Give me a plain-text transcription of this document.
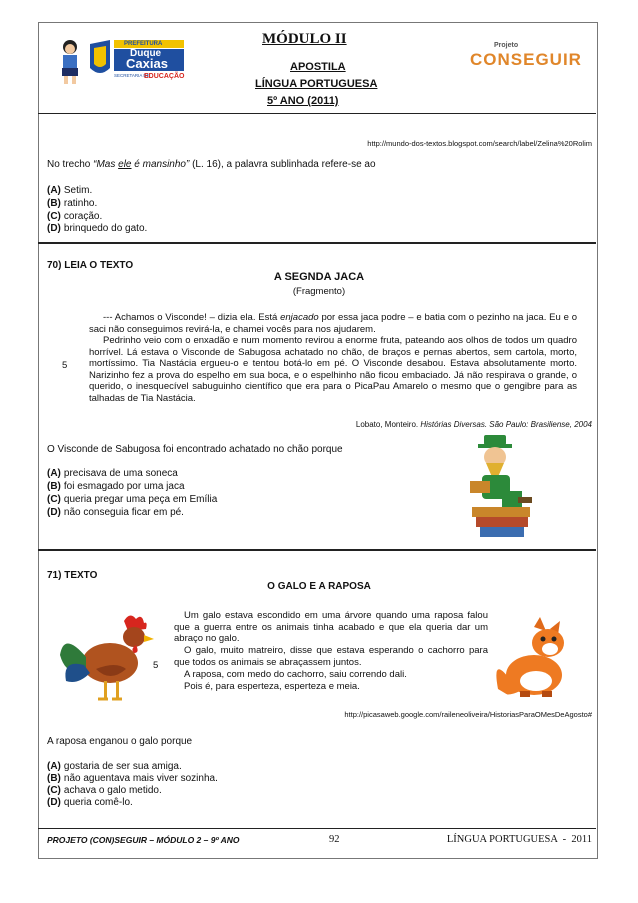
PREFEITURA
Duque
Caxias
SECRETARIA DE
EDUCAÇÃO
MÓDULO II
APOSTILA
LÍNGUA PORTUGUESA
5º ANO (2011)
Projeto
CONSEGUIR
http://mundo-dos-textos.blogspot.com/search/label/Zelina%20Rolim
No trecho “Mas ele é mansinho” (L. 16), a palavra sublinhada refere-se ao
(A) Setim.
(B) ratinho.
(C) coração.
(D) brinquedo do gato.
70) LEIA O TEXTO
A SEGNDA JACA
(Fragmento)
--- Achamos o Visconde! – dizia ela. Está enjacado por essa jaca podre – e batia com o pezinho na jaca. Eu e o saci não conseguimos revirá-la, e chamei vocês para nos ajudarem.
Pedrinho veio com o enxadão e num momento revirou a enorme fruta, pateando aos olhos de todos um quadro horrível. Lá estava o Visconde de Sabugosa achatado no chão, de braços e pernas abertos, sem cartola, morto, mortíssimo. Tia Nastácia ergueu-o e tentou botá-lo em pé. O Visconde desabou. Estava absolutamente morto. Narizinho fez a prova do espelho em sua boca, e o espelhinho não ficou embaciado. Já não respirava o grande, o querido, o inesquecível sabuguinho científico que era para o PicaPau Amarelo o mesmo que o gengibre para as talhadas de Tia Nastácia.
5
Lobato, Monteiro. Histórias Diversas. São Paulo: Brasiliense, 2004
O Visconde de Sabugosa foi encontrado achatado no chão porque
(A) precisava de uma soneca
(B) foi esmagado por uma jaca
(C) queria pregar uma peça em Emília
(D) não conseguia ficar em pé.
71) TEXTO
O GALO E A RAPOSA
Um galo estava escondido em uma árvore quando uma raposa falou que a guerra entre os animais tinha acabado e que ela queria dar um abraço no galo.
O galo, muito matreiro, disse que estava esperando o cachorro para que todos os animais se abraçassem juntos.
A raposa, com medo do cachorro, saiu correndo dali.
Pois é, para esperteza, esperteza e meia.
5
http://picasaweb.google.com/raileneoliveira/HistoriasParaOMesDeAgosto#
A raposa enganou o galo porque
(A) gostaria de ser sua amiga.
(B) não aguentava mais viver sozinha.
(C) achava o galo metido.
(D) queria comê-lo.
PROJETO (CON)SEGUIR – MÓDULO 2 – 9º ANO	92	LÍNGUA PORTUGUESA  -  2011
